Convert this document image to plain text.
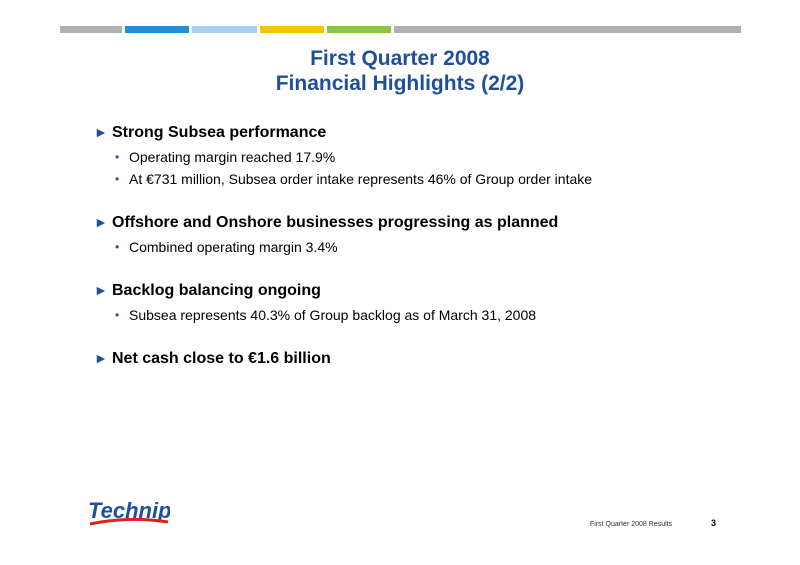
First Quarter 2008
Financial Highlights (2/2)
► Strong Subsea performance
• Operating margin reached 17.9%
• At €731 million, Subsea order intake represents 46% of Group order intake
► Offshore and Onshore businesses progressing as planned
• Combined operating margin 3.4%
► Backlog balancing ongoing
• Subsea represents 40.3% of Group backlog as of March 31, 2008
► Net cash close to €1.6 billion
Technip
First Quarter 2008 Results	3
